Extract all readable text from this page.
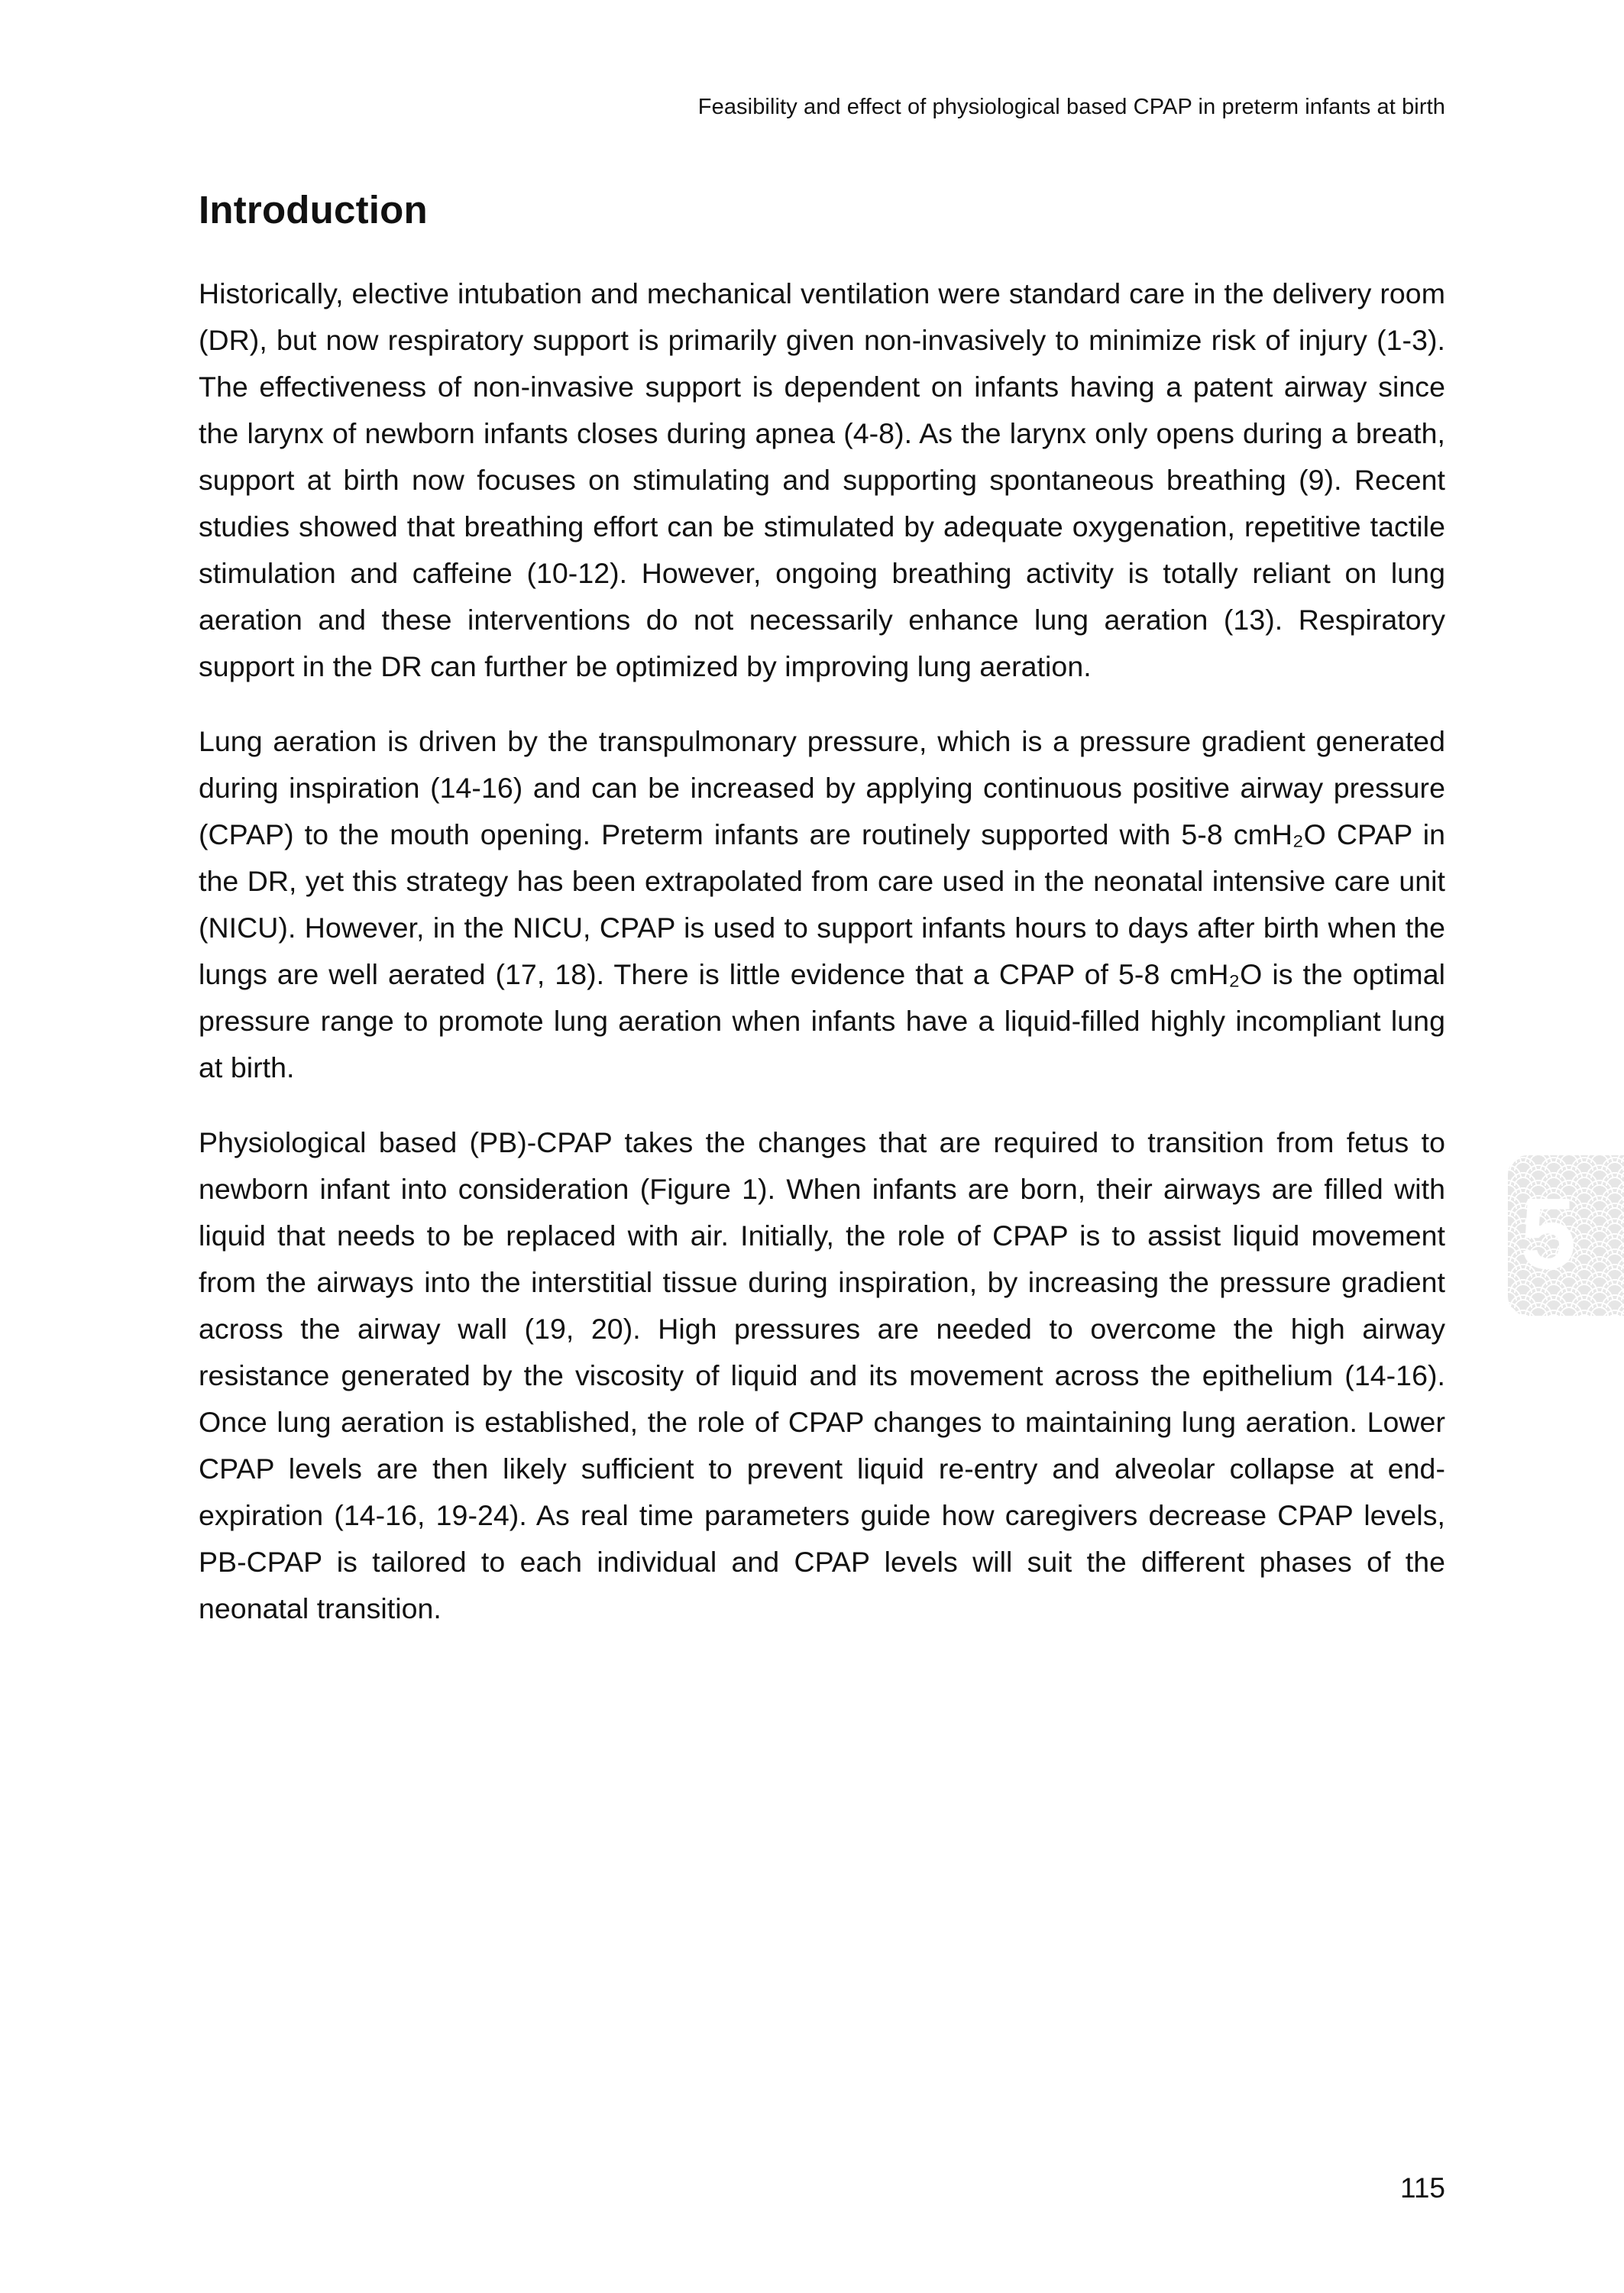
Feasibility and effect of physiological based CPAP in preterm infants at birth
Introduction

Historically, elective intubation and mechanical ventilation were standard care in the delivery room (DR), but now respiratory support is primarily given non-invasively to minimize risk of injury (1-3). The effectiveness of non-invasive support is dependent on infants having a patent airway since the larynx of newborn infants closes during apnea (4-8). As the larynx only opens during a breath, support at birth now focuses on stimulating and supporting spontaneous breathing (9). Recent studies showed that breathing effort can be stimulated by adequate oxygenation, repetitive tactile stimulation and caffeine (10-12). However, ongoing breathing activity is totally reliant on lung aeration and these interventions do not necessarily enhance lung aeration (13). Respiratory support in the DR can further be optimized by improving lung aeration.

Lung aeration is driven by the transpulmonary pressure, which is a pressure gradient generated during inspiration (14-16) and can be increased by applying continuous positive airway pressure (CPAP) to the mouth opening. Preterm infants are routinely supported with 5-8 cmH₂O CPAP in the DR, yet this strategy has been extrapolated from care used in the neonatal intensive care unit (NICU). However, in the NICU, CPAP is used to support infants hours to days after birth when the lungs are well aerated (17, 18). There is little evidence that a CPAP of 5-8 cmH₂O is the optimal pressure range to promote lung aeration when infants have a liquid-filled highly incompliant lung at birth.

Physiological based (PB)-CPAP takes the changes that are required to transition from fetus to newborn infant into consideration (Figure 1). When infants are born, their airways are filled with liquid that needs to be replaced with air. Initially, the role of CPAP is to assist liquid movement from the airways into the interstitial tissue during inspiration, by increasing the pressure gradient across the airway wall (19, 20). High pressures are needed to overcome the high airway resistance generated by the viscosity of liquid and its movement across the epithelium (14-16). Once lung aeration is established, the role of CPAP changes to maintaining lung aeration. Lower CPAP levels are then likely sufficient to prevent liquid re-entry and alveolar collapse at end-expiration (14-16, 19-24). As real time parameters guide how caregivers decrease CPAP levels, PB-CPAP is tailored to each individual and CPAP levels will suit the different phases of the neonatal transition.

5
115
